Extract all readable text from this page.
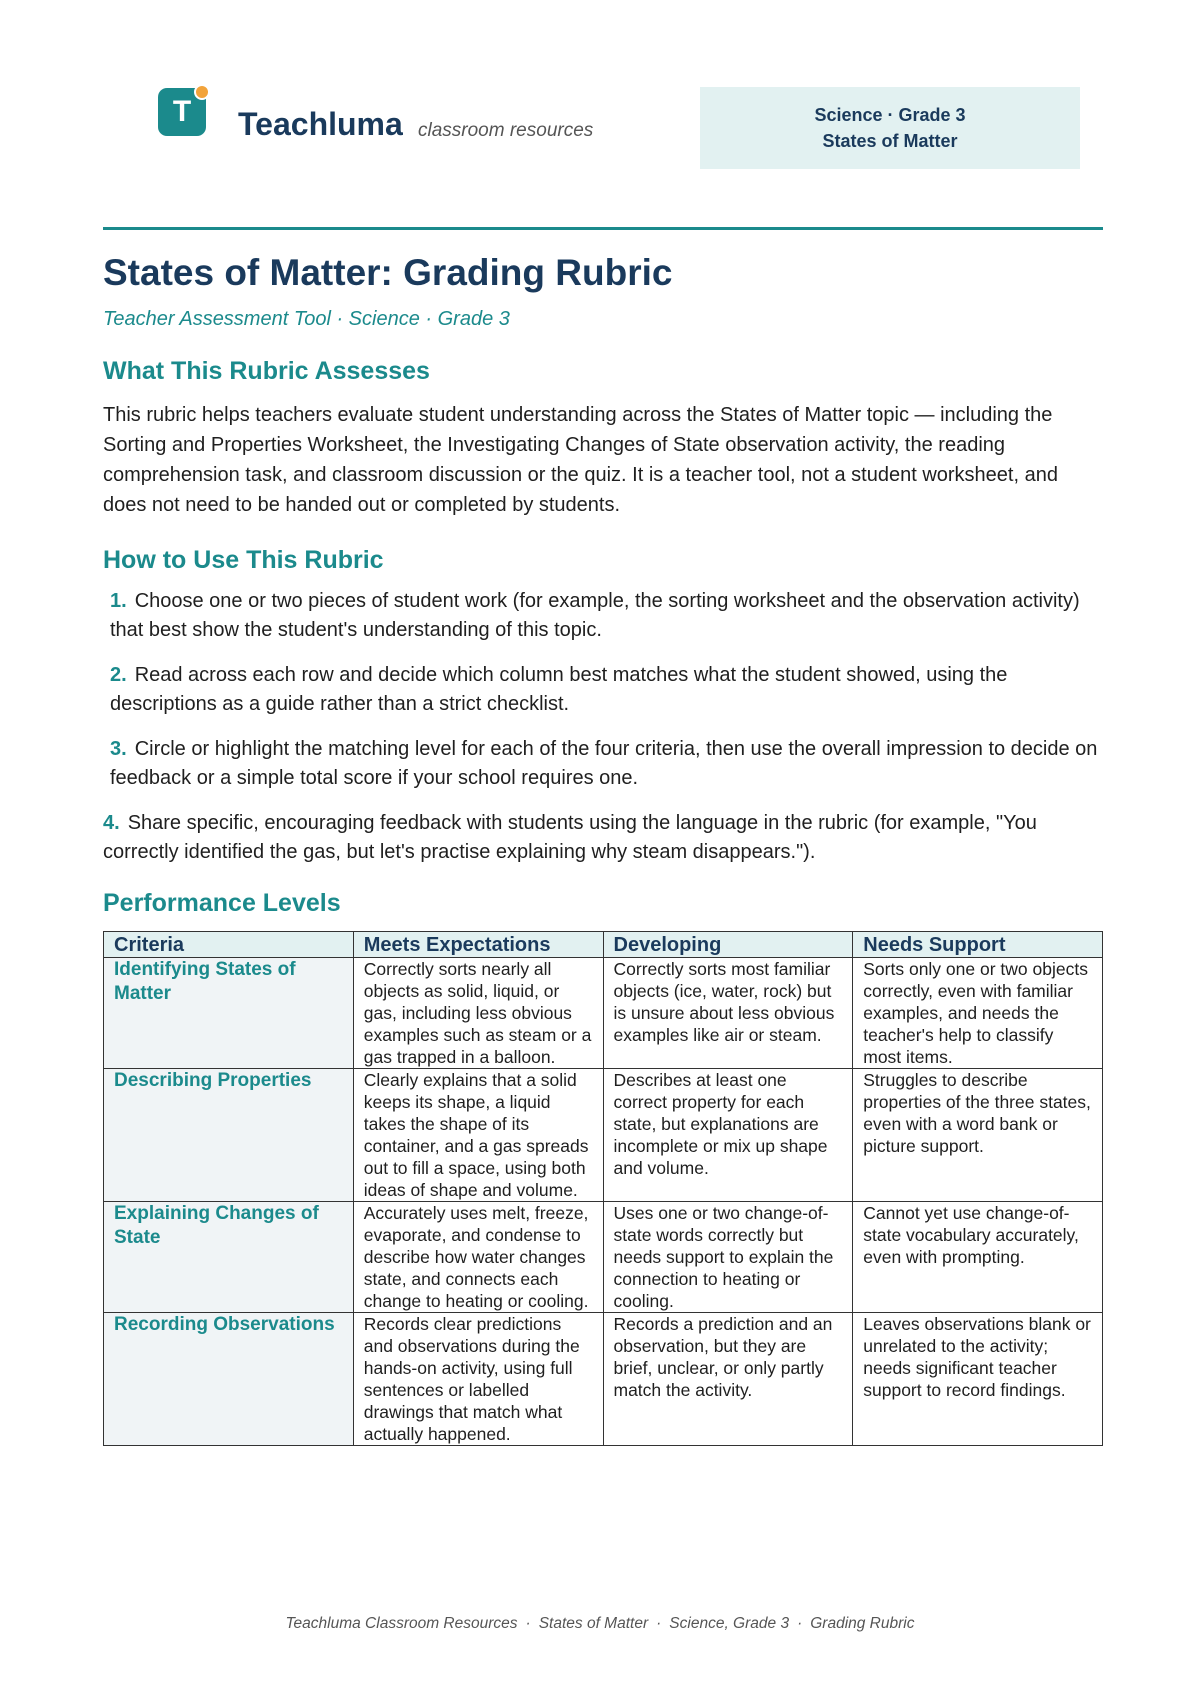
T Teachluma classroom resources
Science · Grade 3
States of Matter
States of Matter: Grading Rubric
Teacher Assessment Tool · Science · Grade 3
What This Rubric Assesses
This rubric helps teachers evaluate student understanding across the States of Matter topic — including the Sorting and Properties Worksheet, the Investigating Changes of State observation activity, the reading comprehension task, and classroom discussion or the quiz. It is a teacher tool, not a student worksheet, and does not need to be handed out or completed by students.
How to Use This Rubric
1. Choose one or two pieces of student work (for example, the sorting worksheet and the observation activity) that best show the student's understanding of this topic.
2. Read across each row and decide which column best matches what the student showed, using the descriptions as a guide rather than a strict checklist.
3. Circle or highlight the matching level for each of the four criteria, then use the overall impression to decide on feedback or a simple total score if your school requires one.
4. Share specific, encouraging feedback with students using the language in the rubric (for example, "You correctly identified the gas, but let's practise explaining why steam disappears.").
Performance Levels
Criteria	Meets Expectations	Developing	Needs Support
Identifying States of Matter	Correctly sorts nearly all objects as solid, liquid, or gas, including less obvious examples such as steam or a gas trapped in a balloon.	Correctly sorts most familiar objects (ice, water, rock) but is unsure about less obvious examples like air or steam.	Sorts only one or two objects correctly, even with familiar examples, and needs the teacher's help to classify most items.
Describing Properties	Clearly explains that a solid keeps its shape, a liquid takes the shape of its container, and a gas spreads out to fill a space, using both ideas of shape and volume.	Describes at least one correct property for each state, but explanations are incomplete or mix up shape and volume.	Struggles to describe properties of the three states, even with a word bank or picture support.
Explaining Changes of State	Accurately uses melt, freeze, evaporate, and condense to describe how water changes state, and connects each change to heating or cooling.	Uses one or two change-of-state words correctly but needs support to explain the connection to heating or cooling.	Cannot yet use change-of-state vocabulary accurately, even with prompting.
Recording Observations	Records clear predictions and observations during the hands-on activity, using full sentences or labelled drawings that match what actually happened.	Records a prediction and an observation, but they are brief, unclear, or only partly match the activity.	Leaves observations blank or unrelated to the activity; needs significant teacher support to record findings.
Teachluma Classroom Resources · States of Matter · Science, Grade 3 · Grading Rubric
